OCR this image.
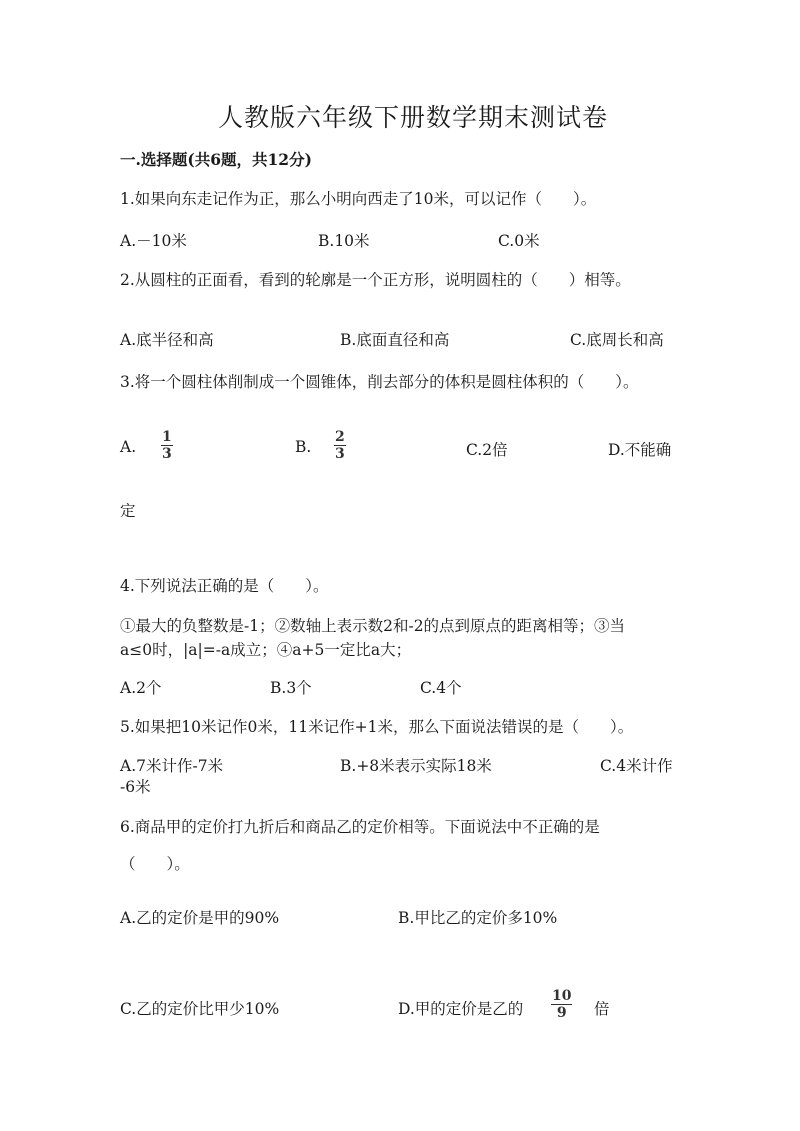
人教版六年级下册数学期末测试卷
一.选择题(共6题，共12分)
1.如果向东走记作为正，那么小明向西走了10米，可以记作（　　）。
A.－10米	B.10米	C.0米
2.从圆柱的正面看，看到的轮廓是一个正方形，说明圆柱的（　　）相等。
A.底半径和高	B.底面直径和高	C.底周长和高
3.将一个圆柱体削制成一个圆锥体，削去部分的体积是圆柱体积的（　　）。
A.
1
3	B.
2
3	C.2倍	D.不能确
定
4.下列说法正确的是（　　）。
①最大的负整数是-1；②数轴上表示数2和-2的点到原点的距离相等；③当
a≤0时，|a|=-a成立；④a+5一定比a大；
A.2个	B.3个	C.4个
5.如果把10米记作0米，11米记作+1米，那么下面说法错误的是（　　）。
A.7米计作-7米	B.+8米表示实际18米	C.4米计作
-6米
6.商品甲的定价打九折后和商品乙的定价相等。下面说法中不正确的是
（　　）。
A.乙的定价是甲的90%	B.甲比乙的定价多10%
C.乙的定价比甲少10%	D.甲的定价是乙的
10
9 倍
